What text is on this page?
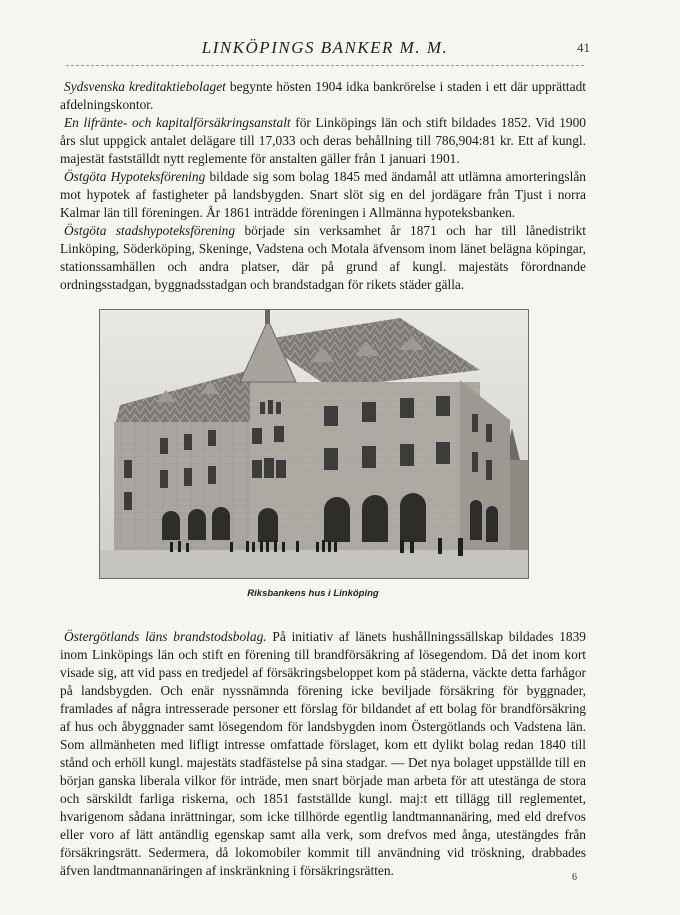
LINKÖPINGS BANKER M. M.	41

Sydsvenska kreditaktiebolaget begynte hösten 1904 idka bankrörelse i staden i ett där upprättadt afdelningskontor.

En lifränte- och kapitalförsäkringsanstalt för Linköpings län och stift bildades 1852. Vid 1900 års slut uppgick antalet delägare till 17,033 och deras behållning till 786,904:81 kr. Ett af kungl. majestät fastställdt nytt reglemente för anstalten gäller från 1 januari 1901.

Östgöta Hypoteksförening bildade sig som bolag 1845 med ändamål att utlämna amorteringslån mot hypotek af fastigheter på landsbygden. Snart slöt sig en del jordägare från Tjust i norra Kalmar län till föreningen. År 1861 inträdde föreningen i Allmänna hypoteksbanken.

Östgöta stadshypoteksförening började sin verksamhet år 1871 och har till lånedistrikt Linköping, Söderköping, Skeninge, Vadstena och Motala äfvensom inom länet belägna köpingar, stationssamhällen och andra platser, där på grund af kungl. majestäts förordnande ordningsstadgan, byggnadsstadgan och brandstadgan för rikets städer gälla.

Riksbankens hus i Linköping

Östergötlands läns brandstodsbolag. På initiativ af länets hushållningssällskap bildades 1839 inom Linköpings län och stift en förening till brandförsäkring af lösegendom. Då det inom kort visade sig, att vid pass en tredjedel af försäkringsbeloppet kom på städerna, väckte detta farhågor på landsbygden. Och enär nyssnämnda förening icke beviljade försäkring för byggnader, framlades af några intresserade personer ett förslag för bildandet af ett bolag för brandförsäkring af hus och åbyggnader samt lösegendom för landsbygden inom Östergötlands och Vadstena län. Som allmänheten med lifligt intresse omfattade förslaget, kom ett dylikt bolag redan 1840 till stånd och erhöll kungl. majestäts stadfästelse på sina stadgar. — Det nya bolaget uppställde till en början ganska liberala vilkor för inträde, men snart började man arbeta för att utestänga de stora och särskildt farliga riskerna, och 1851 fastställde kungl. maj:t ett tillägg till reglementet, hvarigenom sådana inrättningar, som icke tillhörde egentlig landtmannanäring, med eld drefvos eller voro af lätt antändlig egenskap samt alla verk, som drefvos med ånga, utestängdes från försäkringsrätt. Sedermera, då lokomobiler kommit till användning vid tröskning, drabbades äfven landtmannanäringen af inskränkning i försäkringsrätten.	6
